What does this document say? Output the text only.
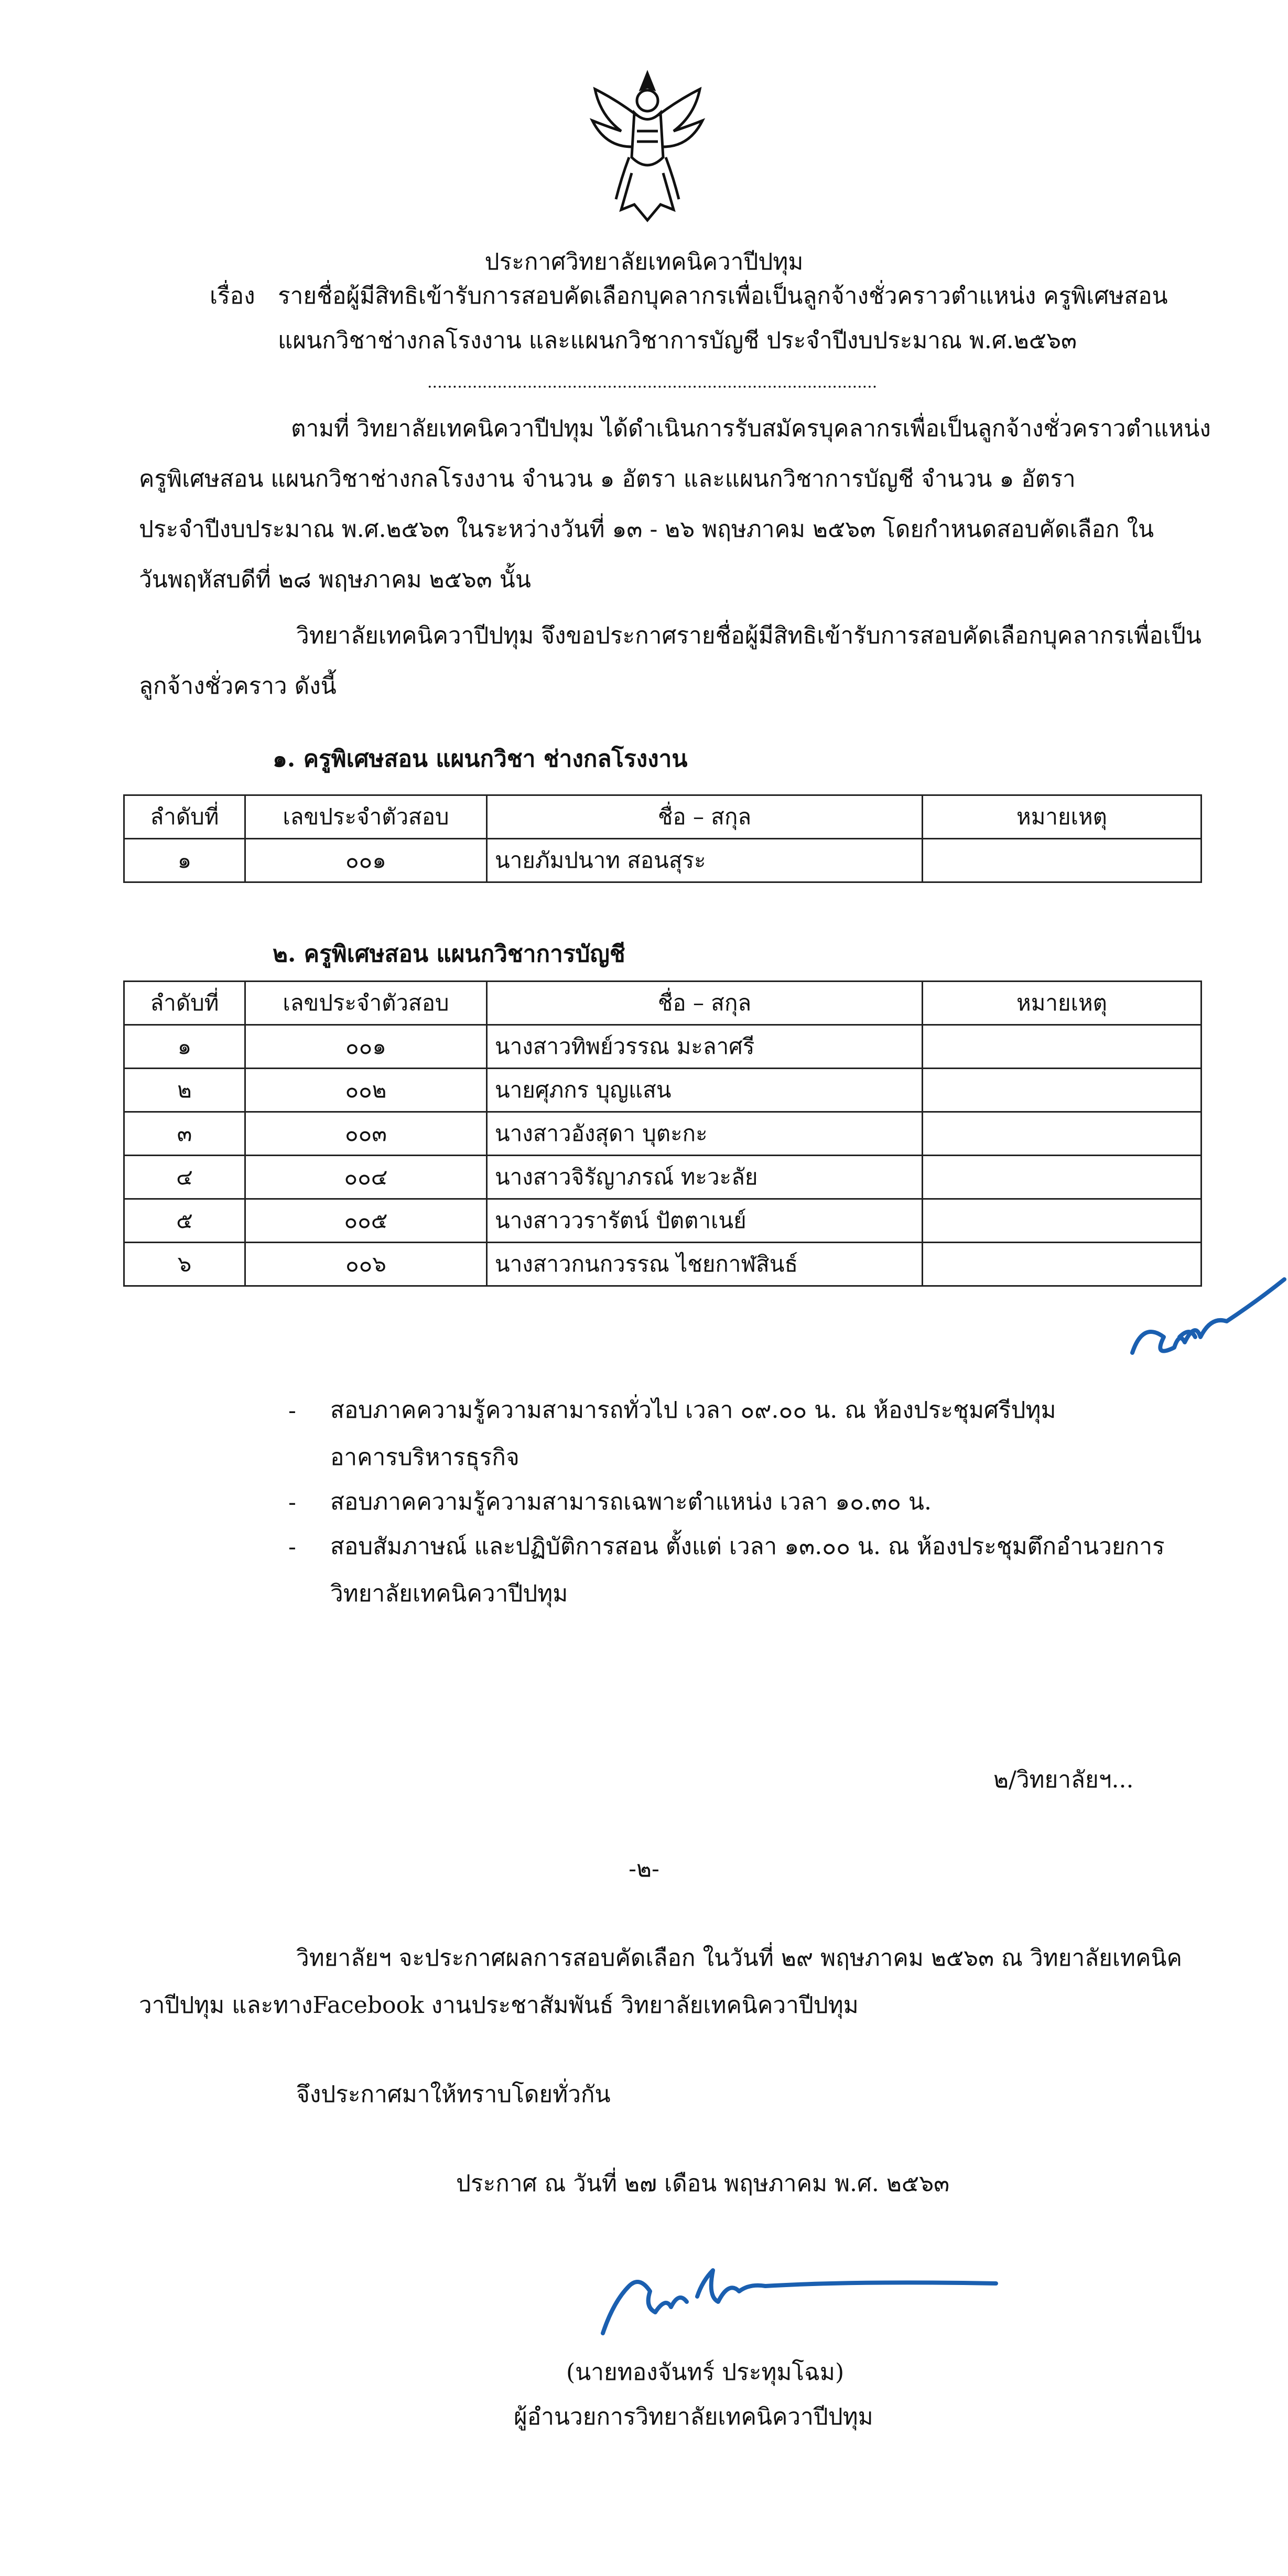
ประกาศวิทยาลัยเทคนิควาปีปทุม
เรื่อง รายชื่อผู้มีสิทธิเข้ารับการสอบคัดเลือกบุคลากรเพื่อเป็นลูกจ้างชั่วคราวตำแหน่ง ครูพิเศษสอน
แผนกวิชาช่างกลโรงงาน และแผนกวิชาการบัญชี ประจำปีงบประมาณ พ.ศ.๒๕๖๓
..........................................................................................
ตามที่ วิทยาลัยเทคนิควาปีปทุม ได้ดำเนินการรับสมัครบุคลากรเพื่อเป็นลูกจ้างชั่วคราวตำแหน่ง
ครูพิเศษสอน แผนกวิชาช่างกลโรงงาน จำนวน ๑ อัตรา และแผนกวิชาการบัญชี จำนวน ๑ อัตรา
ประจำปีงบประมาณ พ.ศ.๒๕๖๓ ในระหว่างวันที่ ๑๓ - ๒๖ พฤษภาคม ๒๕๖๓ โดยกำหนดสอบคัดเลือก ใน
วันพฤหัสบดีที่ ๒๘ พฤษภาคม ๒๕๖๓ นั้น
วิทยาลัยเทคนิควาปีปทุม จึงขอประกาศรายชื่อผู้มีสิทธิเข้ารับการสอบคัดเลือกบุคลากรเพื่อเป็น
ลูกจ้างชั่วคราว ดังนี้
๑. ครูพิเศษสอน แผนกวิชา ช่างกลโรงงาน
ลำดับที่	เลขประจำตัวสอบ	ชื่อ – สกุล	หมายเหตุ
๑	๐๐๑	นายภัมปนาท สอนสุระ	
๒. ครูพิเศษสอน แผนกวิชาการบัญชี
ลำดับที่	เลขประจำตัวสอบ	ชื่อ – สกุล	หมายเหตุ
๑	๐๐๑	นางสาวทิพย์วรรณ มะลาศรี	
๒	๐๐๒	นายศุภกร บุญแสน	
๓	๐๐๓	นางสาวอังสุดา บุตะกะ	
๔	๐๐๔	นางสาวจิรัญาภรณ์ ทะวะลัย	
๕	๐๐๕	นางสาววรารัตน์ ปัตตาเนย์	
๖	๐๐๖	นางสาวกนกวรรณ ไชยกาฬสินธ์	
- สอบภาคความรู้ความสามารถทั่วไป เวลา ๐๙.๐๐ น. ณ ห้องประชุมศรีปทุม
อาคารบริหารธุรกิจ
- สอบภาคความรู้ความสามารถเฉพาะตำแหน่ง เวลา ๑๐.๓๐ น.
- สอบสัมภาษณ์ และปฏิบัติการสอน ตั้งแต่ เวลา ๑๓.๐๐ น. ณ ห้องประชุมตึกอำนวยการ
วิทยาลัยเทคนิควาปีปทุม
๒/วิทยาลัยฯ...
-๒-
วิทยาลัยฯ จะประกาศผลการสอบคัดเลือก ในวันที่ ๒๙ พฤษภาคม ๒๕๖๓ ณ วิทยาลัยเทคนิค
วาปีปทุม และทางFacebook งานประชาสัมพันธ์ วิทยาลัยเทคนิควาปีปทุม
จึงประกาศมาให้ทราบโดยทั่วกัน
ประกาศ ณ วันที่ ๒๗ เดือน พฤษภาคม พ.ศ. ๒๕๖๓
(นายทองจันทร์ ประทุมโฉม)
ผู้อำนวยการวิทยาลัยเทคนิควาปีปทุม
